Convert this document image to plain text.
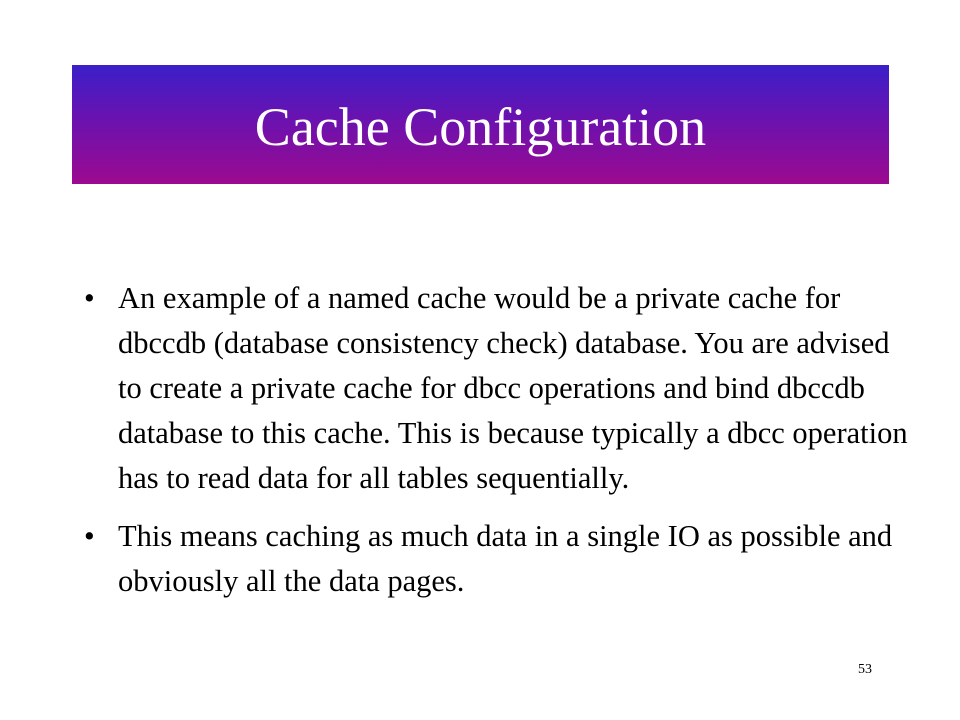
Cache Configuration
• An example of a named cache would be a private cache for dbccdb (database consistency check) database. You are advised to create a private cache for dbcc operations and bind dbccdb database to this cache. This is because typically a dbcc operation has to read data for all tables sequentially.
• This means caching as much data in a single IO as possible and obviously all the data pages.
53
